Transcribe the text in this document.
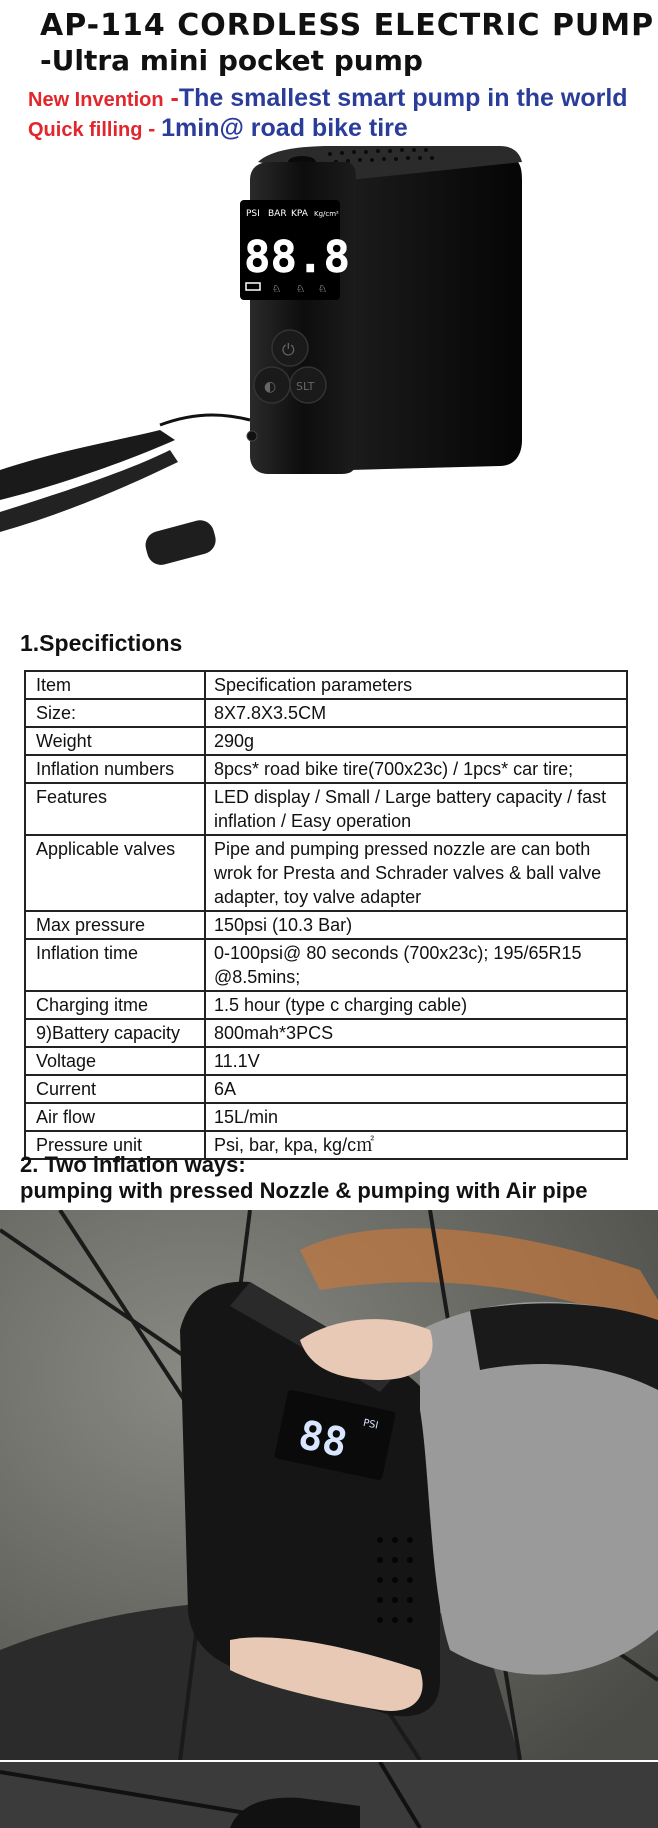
AP-114 CORDLESS ELECTRIC PUMP
-Ultra mini pocket pump
New Invention -The smallest smart pump in the world
Quick filling - 1min@ road bike tire
PSI BAR KPA Kg/cm²
88.8
♘ ♘ ♘
⏻
◐ SLT
1.Specifictions
Item	Specification parameters
Size:	8X7.8X3.5CM
Weight	290g
Inflation numbers	8pcs* road bike tire(700x23c) / 1pcs* car tire;
Features	LED display / Small / Large battery capacity / fast inflation / Easy operation
Applicable valves	Pipe and pumping pressed nozzle are can both wrok for Presta and Schrader valves & ball valve adapter, toy valve adapter
Max pressure	150psi (10.3 Bar)
Inflation time	0-100psi@ 80 seconds (700x23c); 195/65R15 @8.5mins;
Charging itme	1.5 hour (type c charging cable)
9)Battery capacity	800mah*3PCS
Voltage	11.1V
Current	6A
Air flow	15L/min
Pressure unit	Psi, bar, kpa, kg/c㎡
2. Two inflation ways:
pumping with pressed Nozzle & pumping with Air pipe
88 PSI
